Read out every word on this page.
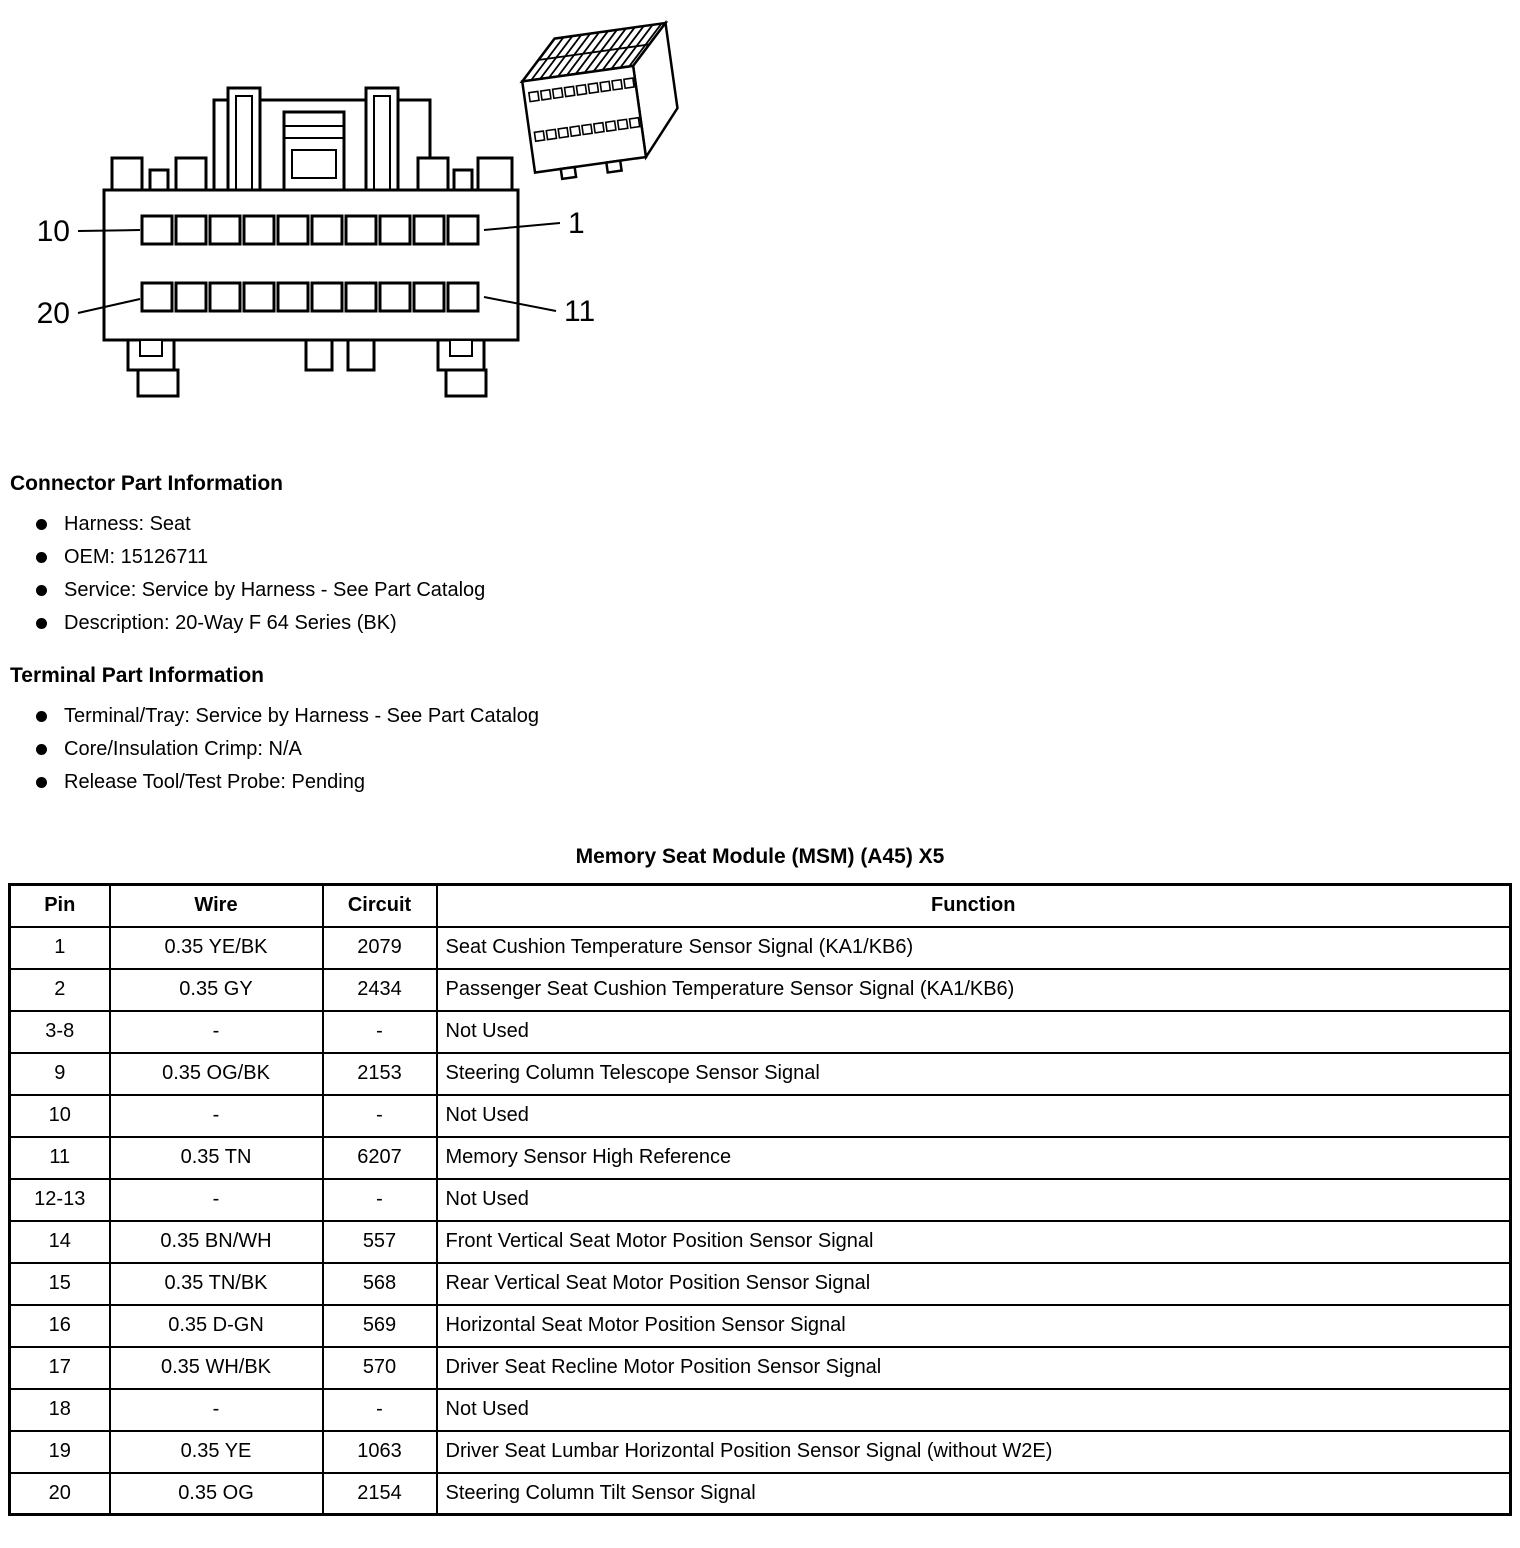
10	1
20	11
Connector Part Information
Harness: Seat
OEM: 15126711
Service: Service by Harness - See Part Catalog
Description: 20-Way F 64 Series (BK)
Terminal Part Information
Terminal/Tray: Service by Harness - See Part Catalog
Core/Insulation Crimp: N/A
Release Tool/Test Probe: Pending
Memory Seat Module (MSM) (A45) X5
Pin	Wire	Circuit	Function
1	0.35 YE/BK	2079	Seat Cushion Temperature Sensor Signal (KA1/KB6)
2	0.35 GY	2434	Passenger Seat Cushion Temperature Sensor Signal (KA1/KB6)
3-8	-	-	Not Used
9	0.35 OG/BK	2153	Steering Column Telescope Sensor Signal
10	-	-	Not Used
11	0.35 TN	6207	Memory Sensor High Reference
12-13	-	-	Not Used
14	0.35 BN/WH	557	Front Vertical Seat Motor Position Sensor Signal
15	0.35 TN/BK	568	Rear Vertical Seat Motor Position Sensor Signal
16	0.35 D-GN	569	Horizontal Seat Motor Position Sensor Signal
17	0.35 WH/BK	570	Driver Seat Recline Motor Position Sensor Signal
18	-	-	Not Used
19	0.35 YE	1063	Driver Seat Lumbar Horizontal Position Sensor Signal (without W2E)
20	0.35 OG	2154	Steering Column Tilt Sensor Signal
